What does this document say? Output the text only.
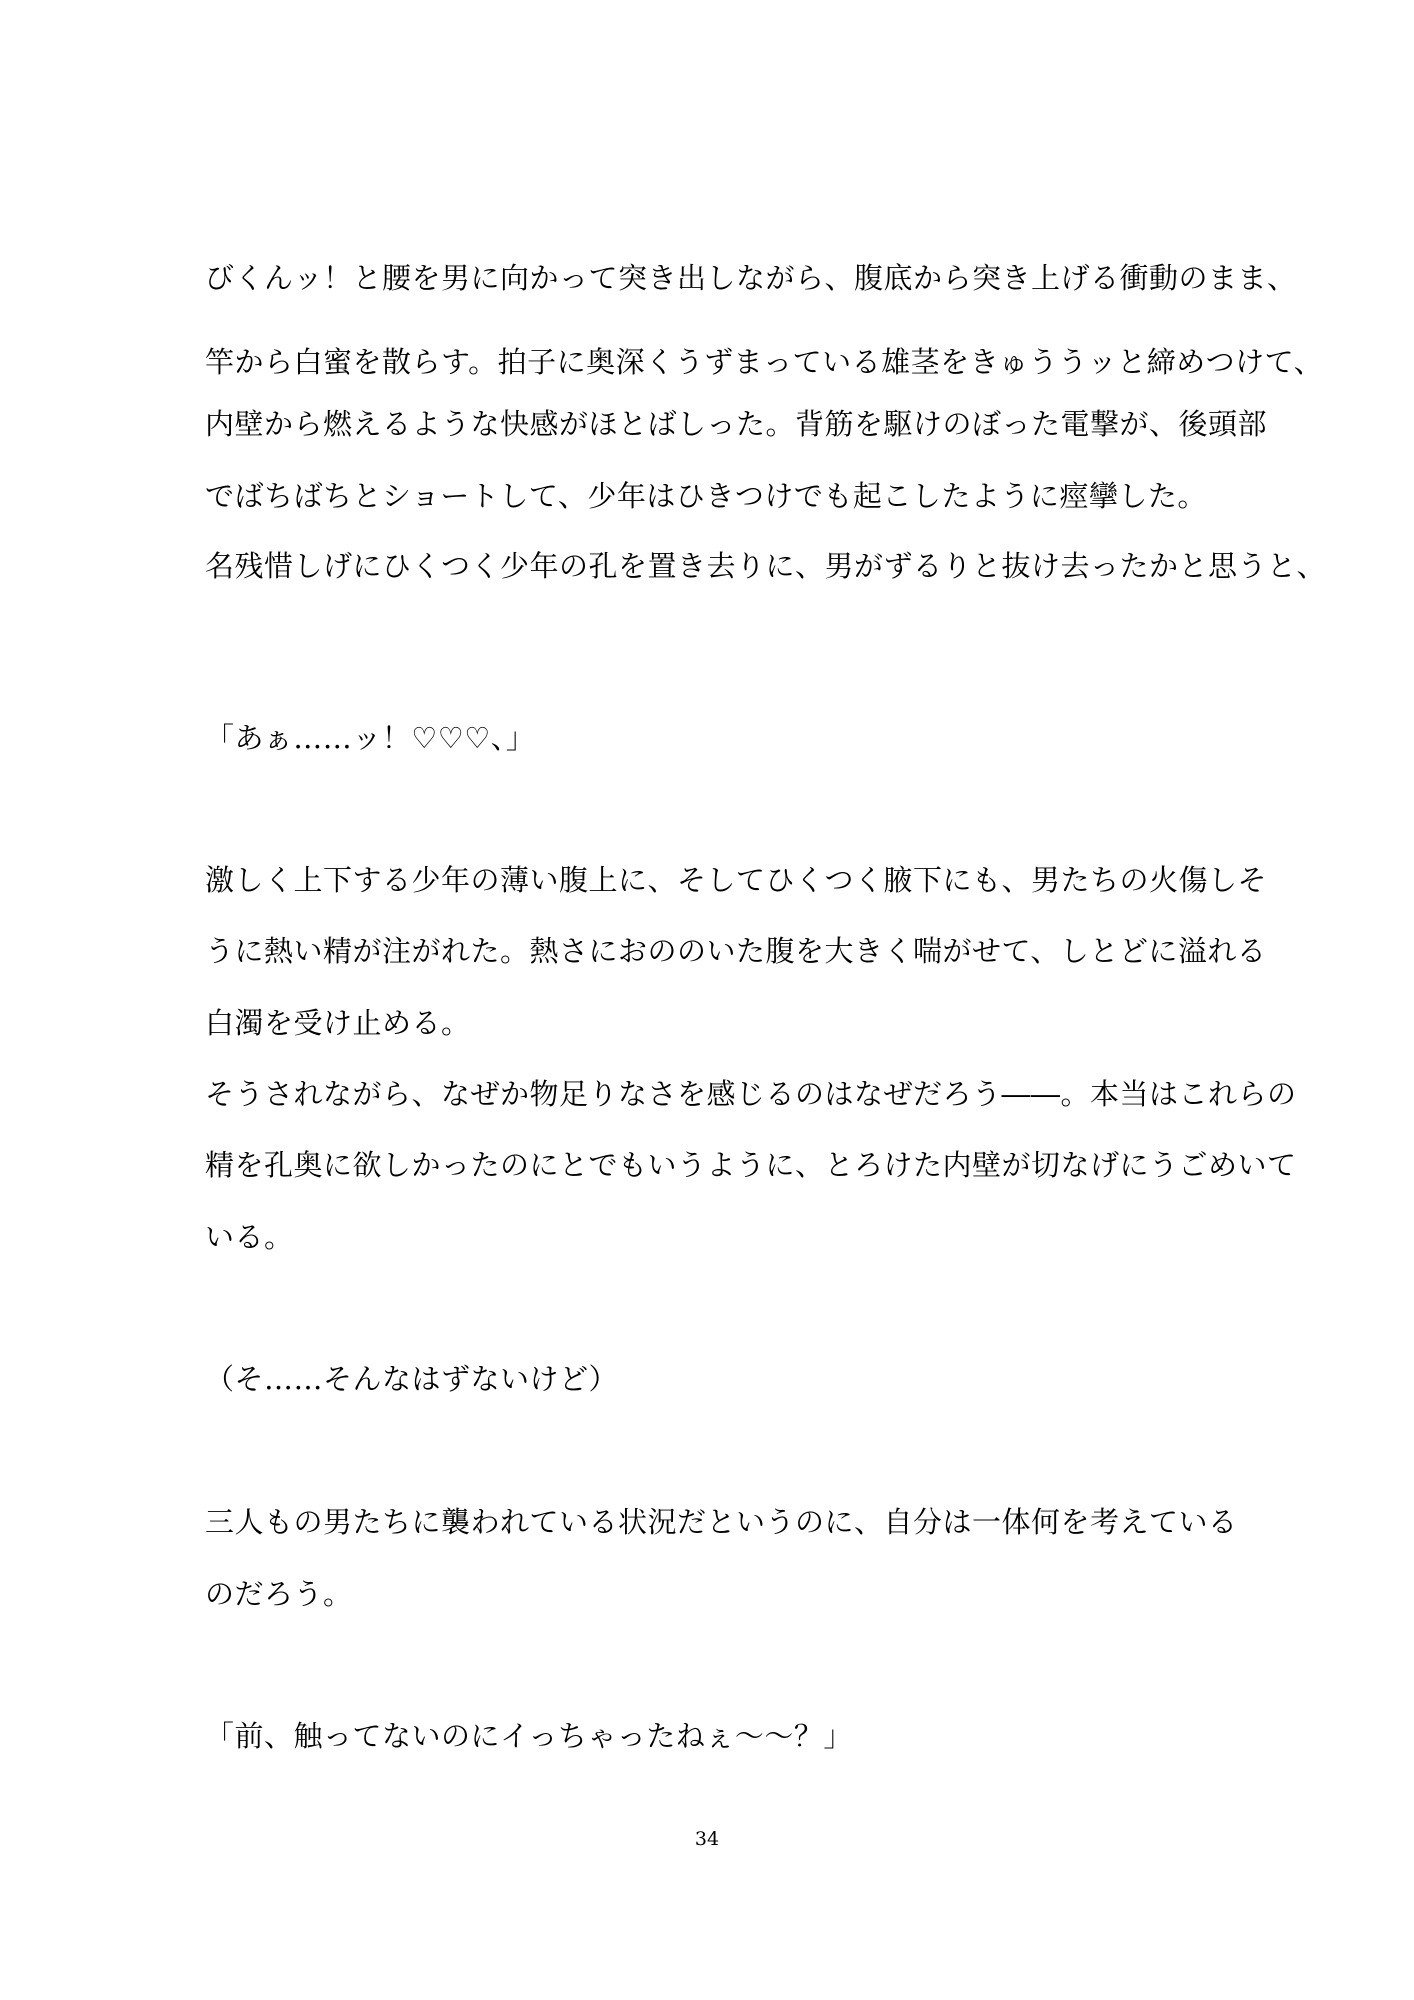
びくんッ！と腰を男に向かって突き出しながら、腹底から突き上げる衝動のまま、
竿から白蜜を散らす。拍子に奥深くうずまっている雄茎をきゅううッと締めつけて、
内壁から燃えるような快感がほとばしった。背筋を駆けのぼった電撃が、後頭部
でばちばちとショートして、少年はひきつけでも起こしたように痙攣した。
名残惜しげにひくつく少年の孔を置き去りに、男がずるりと抜け去ったかと思うと、
「あぁ……ッ！♡♡♡、」
激しく上下する少年の薄い腹上に、そしてひくつく腋下にも、男たちの火傷しそ
うに熱い精が注がれた。熱さにおののいた腹を大きく喘がせて、しとどに溢れる
白濁を受け止める。
そうされながら、なぜか物足りなさを感じるのはなぜだろう――。本当はこれらの
精を孔奥に欲しかったのにとでもいうように、とろけた内壁が切なげにうごめいて
いる。
（そ……そんなはずないけど）
三人もの男たちに襲われている状況だというのに、自分は一体何を考えている
のだろう。
「前、触ってないのにイっちゃったねぇ～～？」
34
